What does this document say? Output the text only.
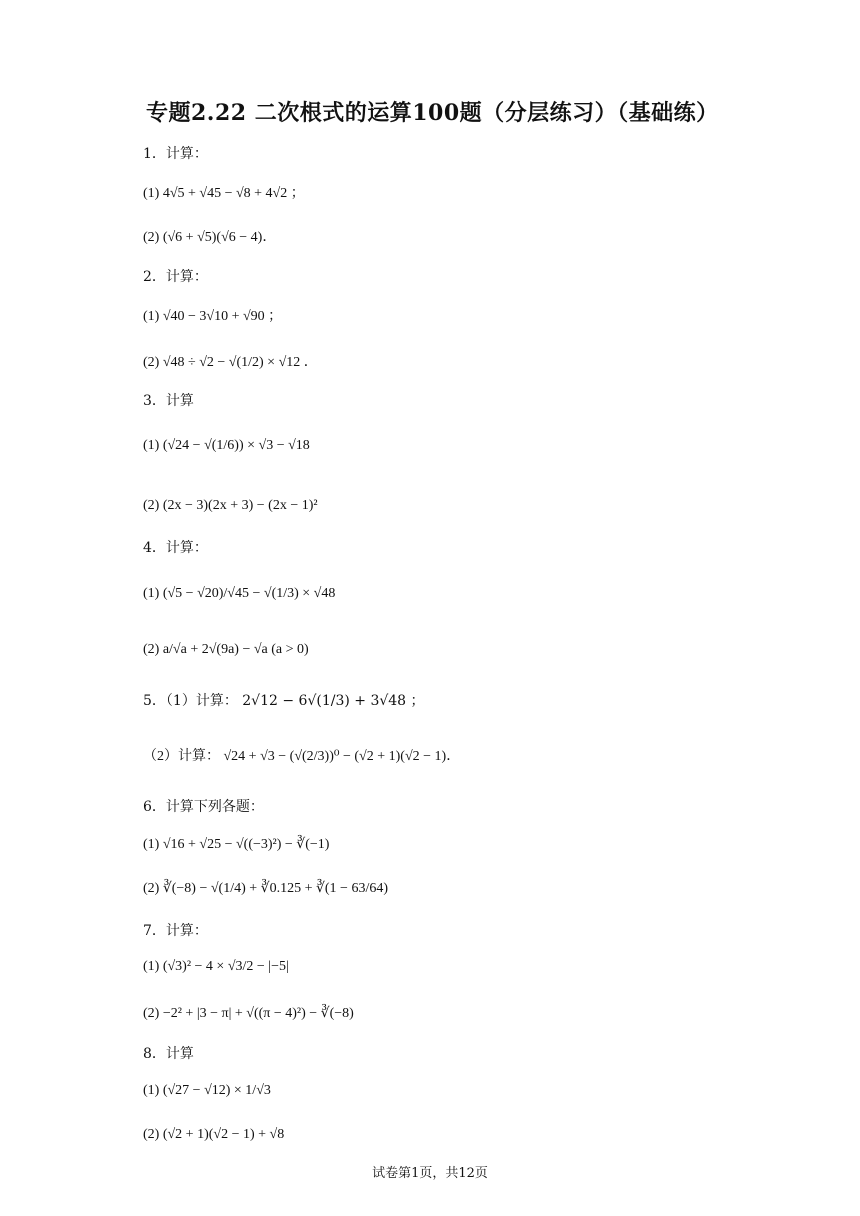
专题2.22 二次根式的运算100题（分层练习）（基础练）
1．计算：
(1) 4√5 + √45 − √8 + 4√2 ；
(2) (√6 + √5)(√6 − 4)．
2．计算：
(1) √40 − 3√10 + √90 ；
(2) √48 ÷ √2 − √(1/2) × √12 ．
3．计算
(1) (√24 − √(1/6)) × √3 − √18
(2) (2x − 3)(2x + 3) − (2x − 1)²
4．计算：
(1) (√5 − √20)/√45 − √(1/3) × √48
(2) a/√a + 2√(9a) − √a (a > 0)
5．（1）计算： 2√12 − 6√(1/3) + 3√48 ；
（2）计算： √24 + √3 − (√(2/3))⁰ − (√2 + 1)(√2 − 1)．
6．计算下列各题：
(1) √16 + √25 − √((−3)²) − ∛(−1)
(2) ∛(−8) − √(1/4) + ∛0.125 + ∛(1 − 63/64)
7．计算：
(1) (√3)² − 4 × √3/2 − |−5|
(2) −2² + |3 − π| + √((π − 4)²) − ∛(−8)
8．计算
(1) (√27 − √12) × 1/√3
(2) (√2 + 1)(√2 − 1) + √8
试卷第1页，共12页
